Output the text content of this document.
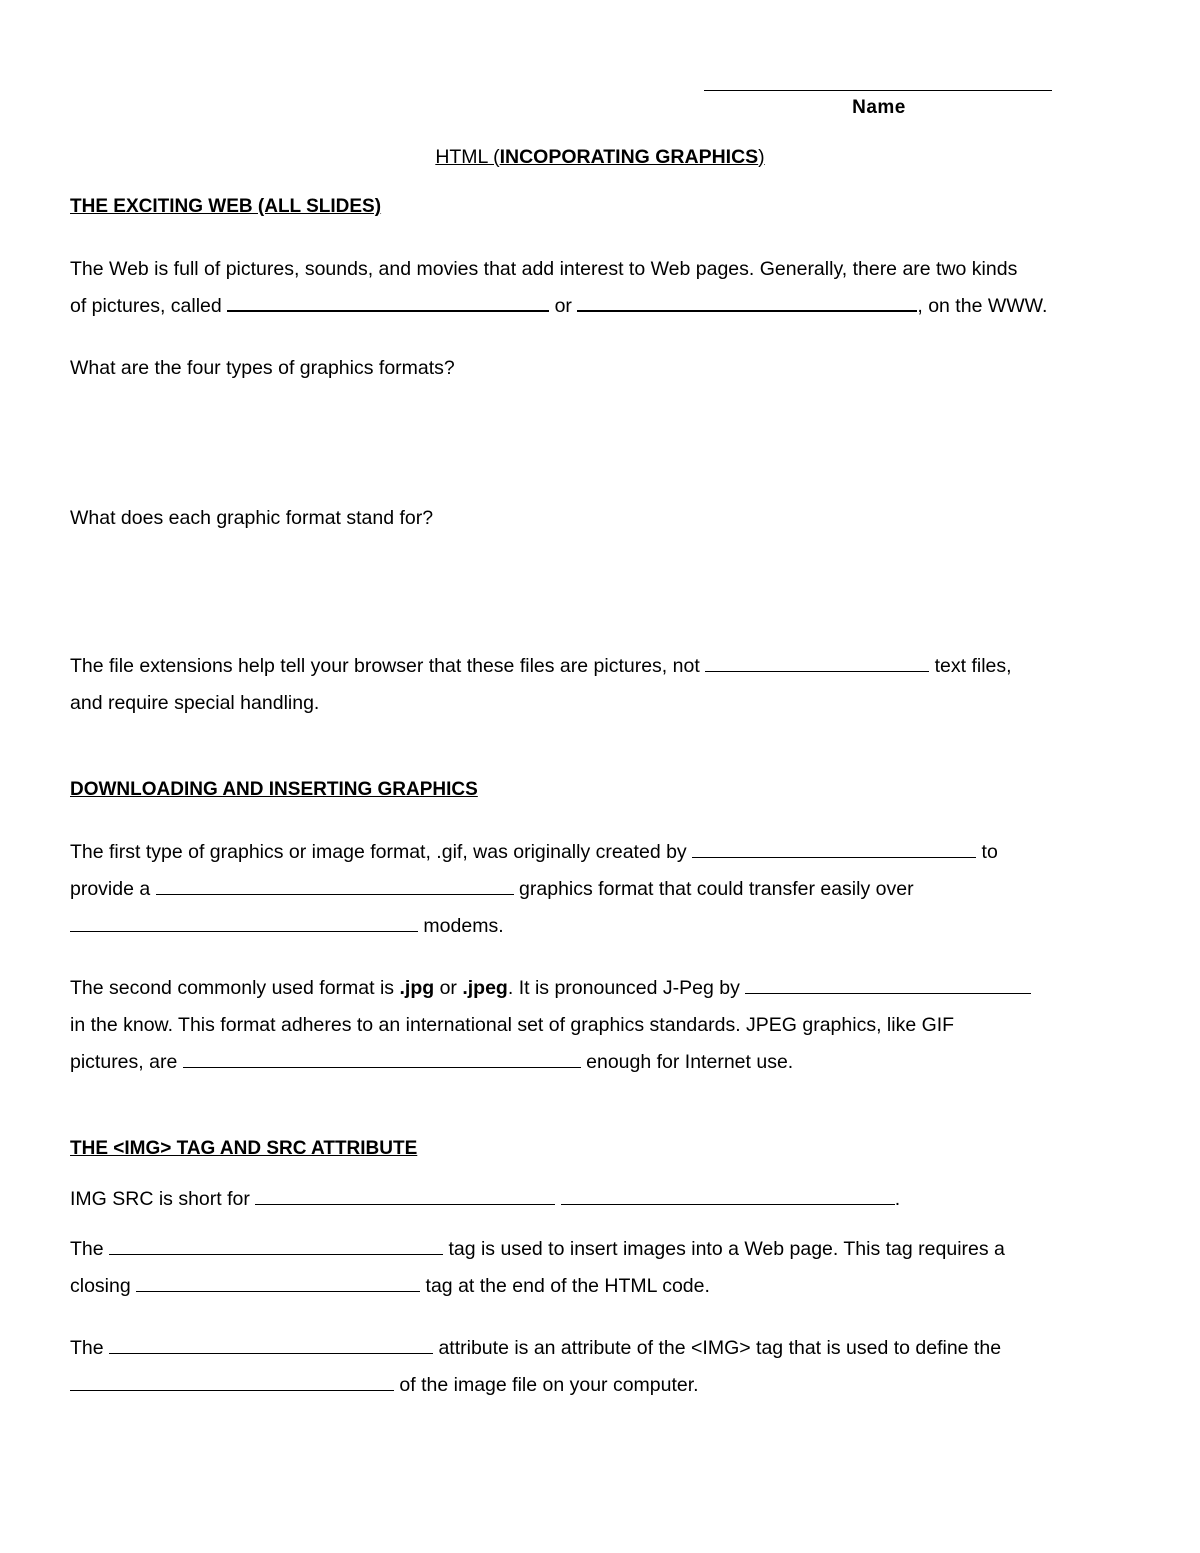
Name
HTML (INCOPORATING GRAPHICS)
THE EXCITING WEB (ALL SLIDES)
The Web is full of pictures, sounds, and movies that add interest to Web pages. Generally, there are two kinds
of pictures, called	or	, on the WWW.
What are the four types of graphics formats?
What does each graphic format stand for?
The file extensions help tell your browser that these files are pictures, not	text files,
and require special handling.
DOWNLOADING AND INSERTING GRAPHICS
The first type of graphics or image format, .gif, was originally created by	to
provide a	graphics format that could transfer easily over
modems.
The second commonly used format is .jpg or .jpeg. It is pronounced J-Peg by
in the know. This format adheres to an international set of graphics standards. JPEG graphics, like GIF
pictures, are	enough for Internet use.
THE <IMG> TAG AND SRC ATTRIBUTE
IMG SRC is short for	.
The	tag is used to insert images into a Web page. This tag requires a
closing	tag at the end of the HTML code.
The	attribute is an attribute of the <IMG> tag that is used to define the
of the image file on your computer.
